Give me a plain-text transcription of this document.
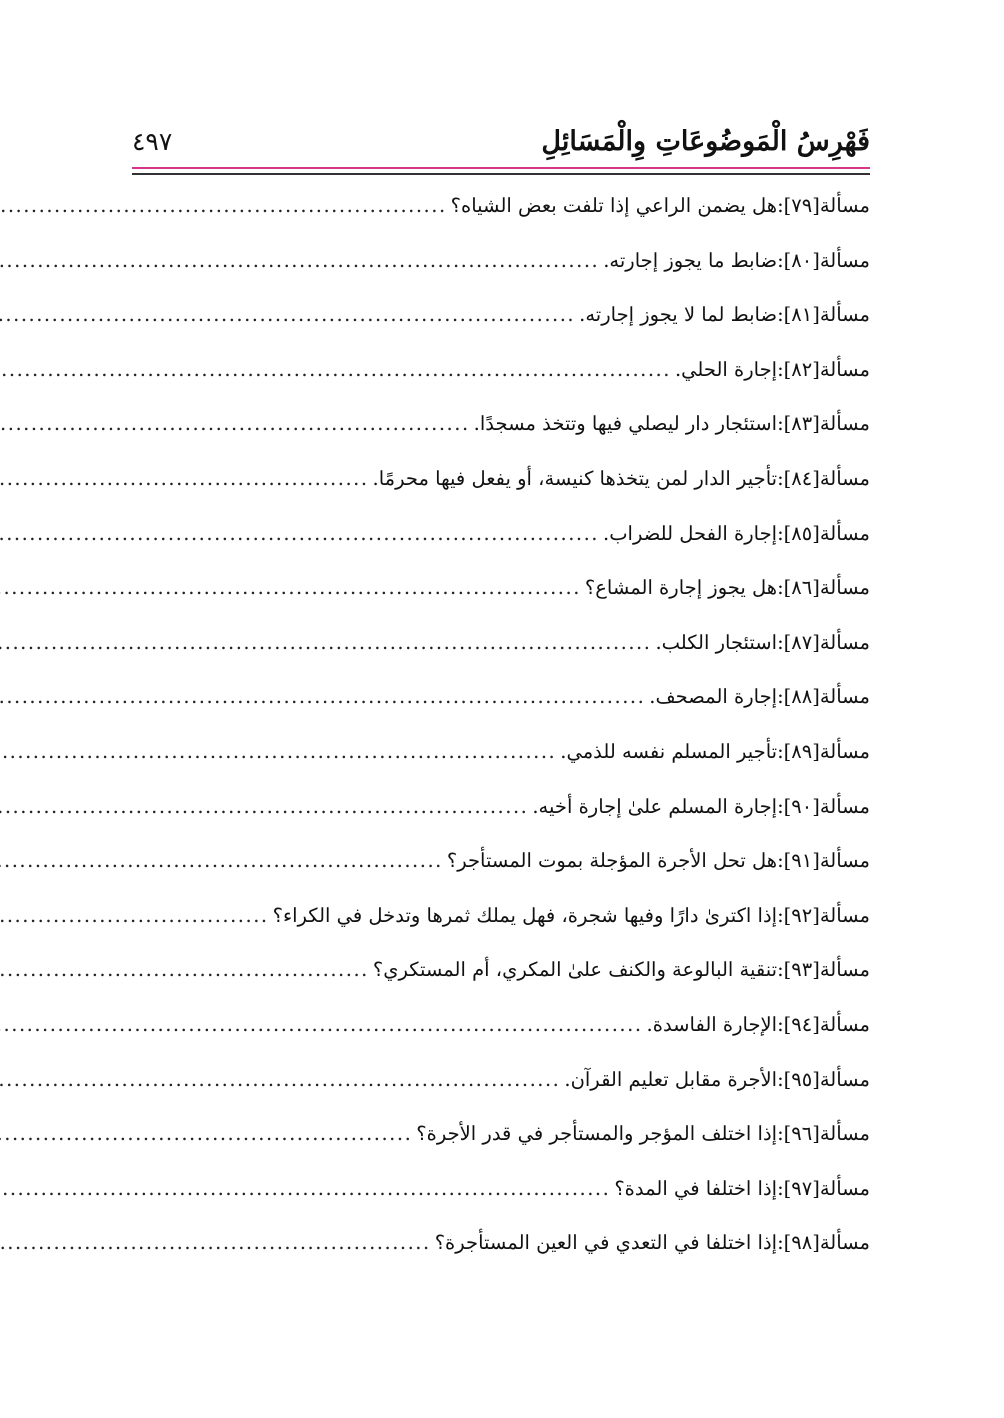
فَهْرِسُ الْمَوضُوعَاتِ وِالْمَسَائِلِ
٤٩٧
مسألة
[٧٩]
:
هل يضمن الراعي إذا تلفت بعض الشياه؟
.....
مسألة
[٨٠]
:
ضابط ما يجوز إجارته.
.....
مسألة
[٨١]
:
ضابط لما لا يجوز إجارته.
.....
مسألة
[٨٢]
:
إجارة الحلي.
.....
مسألة
[٨٣]
:
استئجار دار ليصلي فيها وتتخذ مسجدًا.
.....
مسألة
[٨٤]
:
تأجير الدار لمن يتخذها كنيسة، أو يفعل فيها محرمًا.
.....
مسألة
[٨٥]
:
إجارة الفحل للضراب.
.....
مسألة
[٨٦]
:
هل يجوز إجارة المشاع؟
.....
مسألة
[٨٧]
:
استئجار الكلب.
.....
مسألة
[٨٨]
:
إجارة المصحف.
.....
مسألة
[٨٩]
:
تأجير المسلم نفسه للذمي.
.....
مسألة
[٩٠]
:
إجارة المسلم علىٰ إجارة أخيه.
.....
مسألة
[٩١]
:
هل تحل الأجرة المؤجلة بموت المستأجر؟
.....
مسألة
[٩٢]
:
إذا اكترىٰ دارًا وفيها شجرة، فهل يملك ثمرها وتدخل في الكراء؟
.....
مسألة
[٩٣]
:
تنقية البالوعة والكنف علىٰ المكري، أم المستكري؟
.....
مسألة
[٩٤]
:
الإجارة الفاسدة.
.....
مسألة
[٩٥]
:
الأجرة مقابل تعليم القرآن.
.....
مسألة
[٩٦]
:
إذا اختلف المؤجر والمستأجر في قدر الأجرة؟
.....
مسألة
[٩٧]
:
إذا اختلفا في المدة؟
.....
مسألة
[٩٨]
:
إذا اختلفا في التعدي في العين المستأجرة؟
.....
